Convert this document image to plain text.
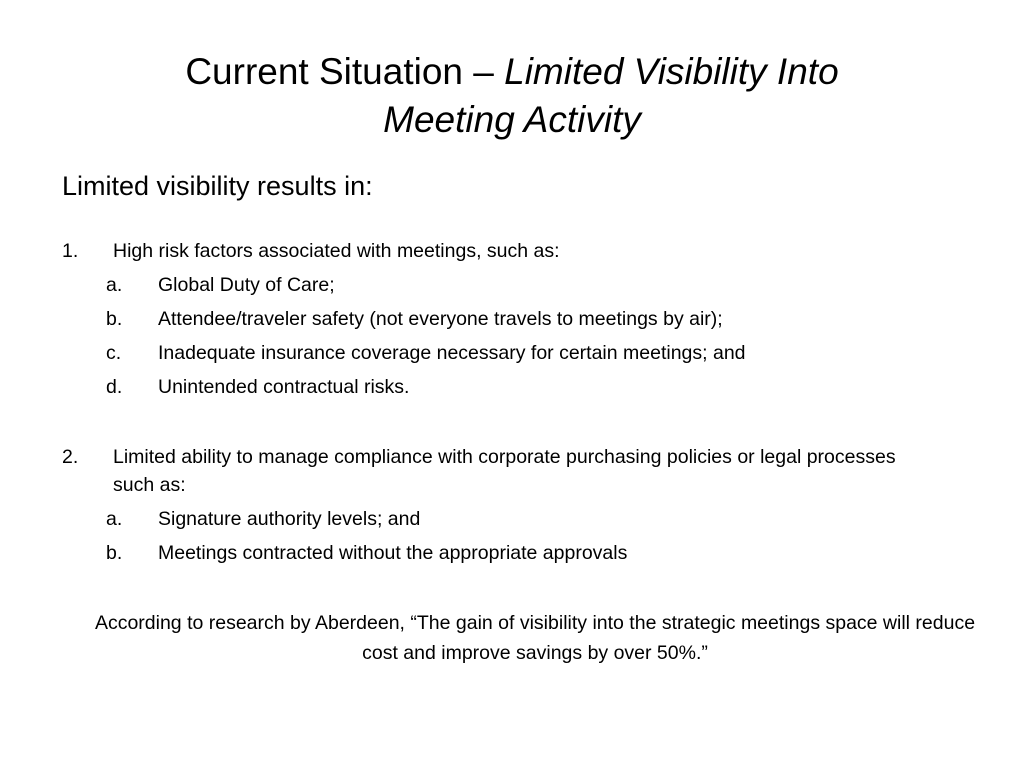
Current Situation – Limited Visibility Into
Meeting Activity
Limited visibility results in:
1.	High risk factors associated with meetings, such as:
a.	Global Duty of Care;
b.	Attendee/traveler safety (not everyone travels to meetings by air);
c.	Inadequate insurance coverage necessary for certain meetings; and
d.	Unintended contractual risks.
2.	Limited ability to manage compliance with corporate purchasing policies or legal processes such as:
a.	Signature authority levels; and
b.	Meetings contracted without the appropriate approvals
According to research by Aberdeen, “The gain of visibility into the strategic meetings space will reduce cost and improve savings by over 50%.”
